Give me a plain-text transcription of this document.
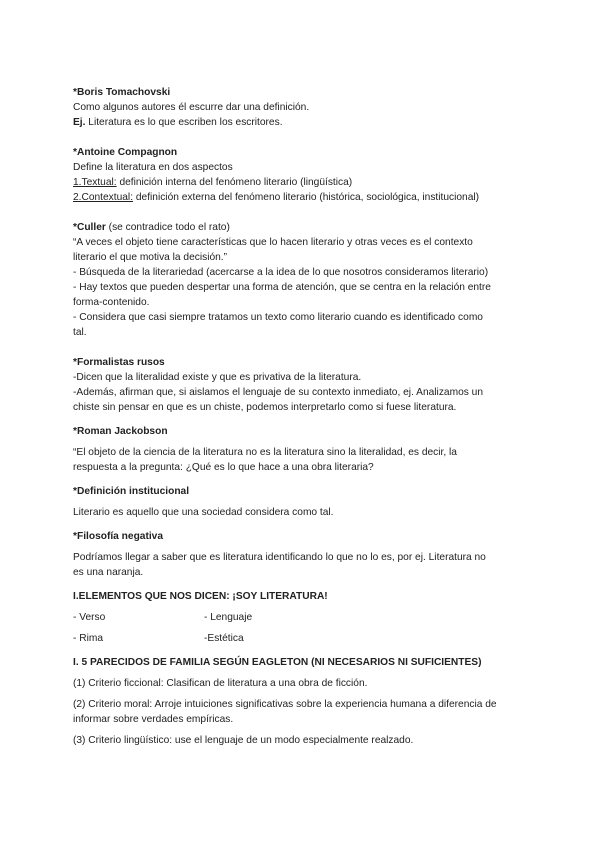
*Boris Tomachovski

Como algunos autores él escurre dar una definición.

Ej. Literatura es lo que escriben los escritores.

*Antoine Compagnon

Define la literatura en dos aspectos

1.Textual: definición interna del fenómeno literario (lingüística)

2.Contextual: definición externa del fenómeno literario (histórica, sociológica, institucional)

*Culler (se contradice todo el rato)

“A veces el objeto tiene características que lo hacen literario y otras veces es el contexto

literario el que motiva la decisión.”

- Búsqueda de la literariedad (acercarse a la idea de lo que nosotros consideramos literario)

- Hay textos que pueden despertar una forma de atención, que se centra en la relación entre

forma-contenido.

- Considera que casi siempre tratamos un texto como literario cuando es identificado como

tal.

*Formalistas rusos

-Dicen que la literalidad existe y que es privativa de la literatura.

-Además, afirman que, si aislamos el lenguaje de su contexto inmediato, ej. Analizamos un

chiste sin pensar en que es un chiste, podemos interpretarlo como si fuese literatura.

*Roman Jackobson

“El objeto de la ciencia de la literatura no es la literatura sino la literalidad, es decir, la

respuesta a la pregunta: ¿Qué es lo que hace a una obra literaria?

*Definición institucional

Literario es aquello que una sociedad considera como tal.

*Filosofía negativa

Podríamos llegar a saber que es literatura identificando lo que no lo es, por ej. Literatura no

es una naranja.

I.ELEMENTOS QUE NOS DICEN: ¡SOY LITERATURA!

- Verso	- Lenguaje
- Rima	-Estética

I. 5 PARECIDOS DE FAMILIA SEGÚN EAGLETON (NI NECESARIOS NI SUFICIENTES)

(1) Criterio ficcional: Clasifican de literatura a una obra de ficción.

(2) Criterio moral: Arroje intuiciones significativas sobre la experiencia humana a diferencia de

informar sobre verdades empíricas.

(3) Criterio lingüístico: use el lenguaje de un modo especialmente realzado.
